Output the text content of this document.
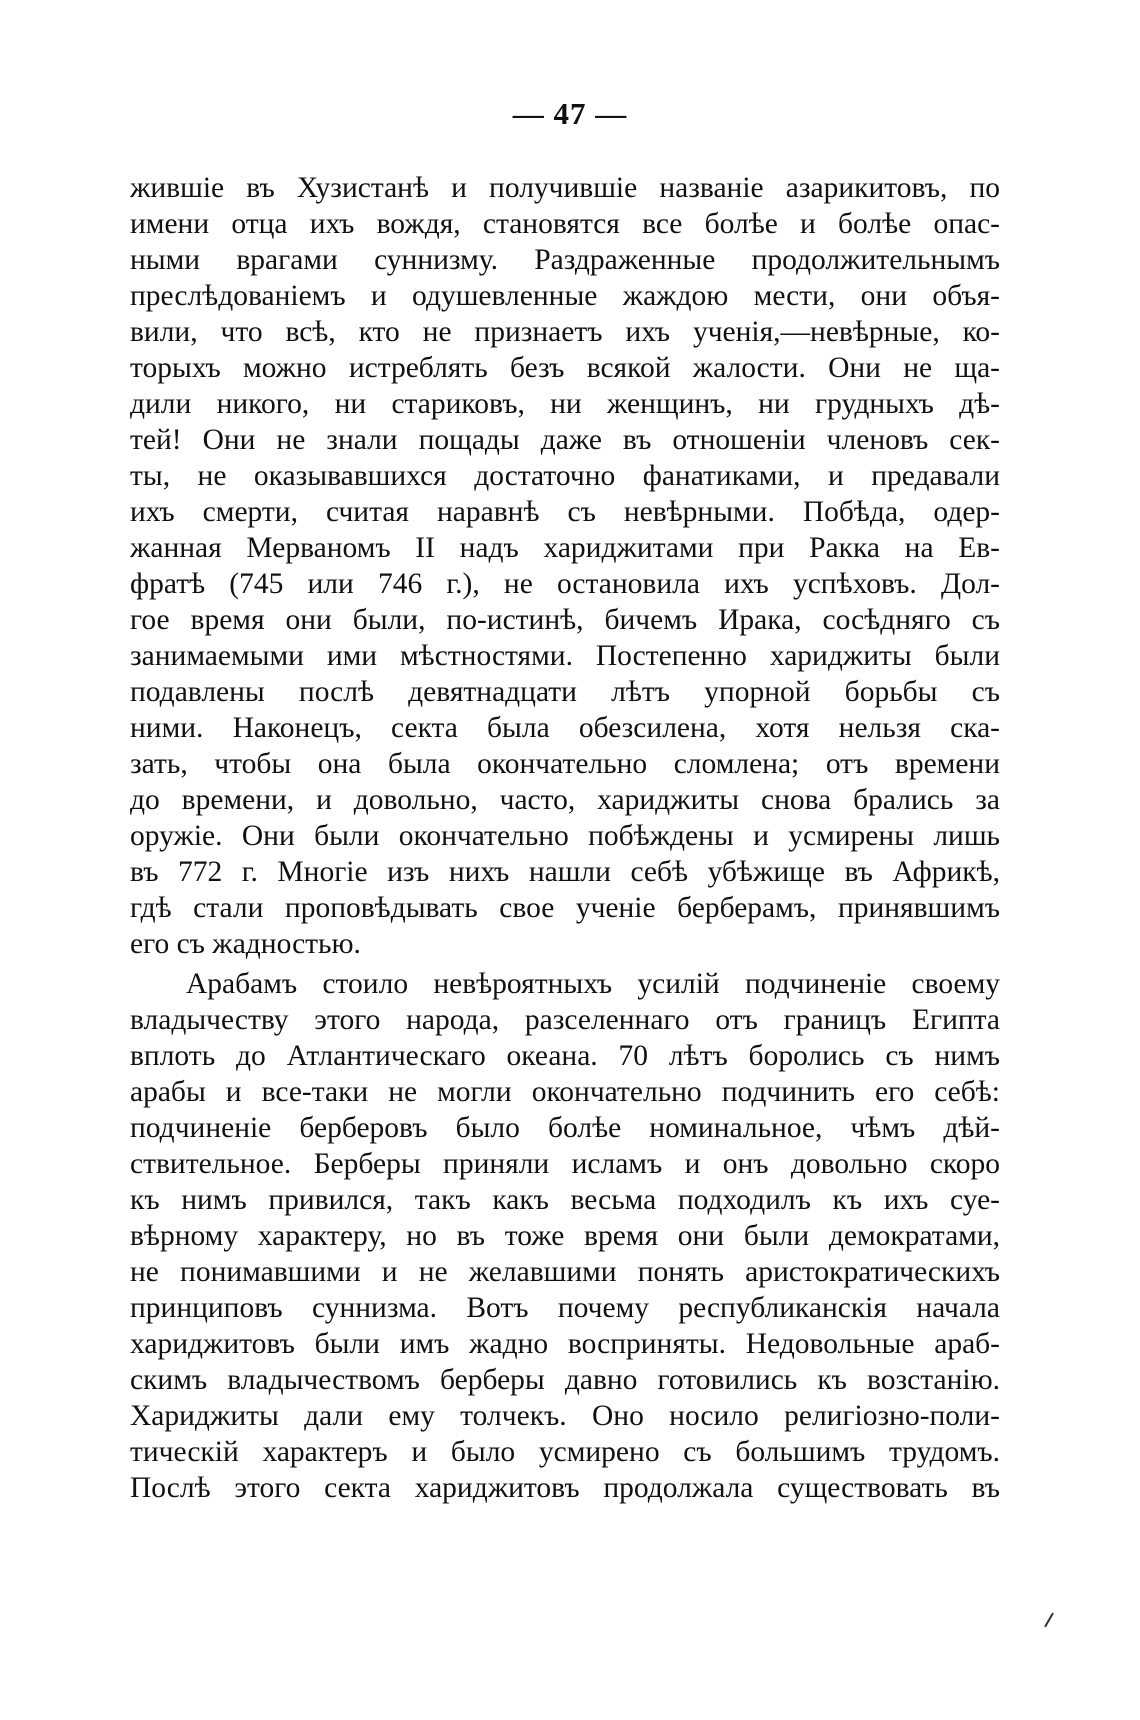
— 47 —
жившіе въ Хузистанѣ и получившіе названіе азарикитовъ, по
имени отца ихъ вождя, становятся все болѣе и болѣе опас-
ными врагами суннизму. Раздраженные продолжительнымъ
преслѣдованіемъ и одушевленные жаждою мести, они объя-
вили, что всѣ, кто не признаетъ ихъ ученія,—невѣрные, ко-
торыхъ можно истреблять безъ всякой жалости. Они не ща-
дили никого, ни стариковъ, ни женщинъ, ни грудныхъ дѣ-
тей! Они не знали пощады даже въ отношеніи членовъ сек-
ты, не оказывавшихся достаточно фанатиками, и предавали
ихъ смерти, считая наравнѣ съ невѣрными. Побѣда, одер-
жанная Мерваномъ II надъ хариджитами при Ракка на Ев-
фратѣ (745 или 746 г.), не остановила ихъ успѣховъ. Дол-
гое время они были, по-истинѣ, бичемъ Ирака, сосѣдняго съ
занимаемыми ими мѣстностями. Постепенно хариджиты были
подавлены послѣ девятнадцати лѣтъ упорной борьбы съ
ними. Наконецъ, секта была обезсилена, хотя нельзя ска-
зать, чтобы она была окончательно сломлена; отъ времени
до времени, и довольно, часто, хариджиты снова брались за
оружіе. Они были окончательно побѣждены и усмирены лишь
въ 772 г. Многіе изъ нихъ нашли себѣ убѣжище въ Африкѣ,
гдѣ стали проповѣдывать свое ученіе берберамъ, принявшимъ
его съ жадностью.
Арабамъ стоило невѣроятныхъ усилій подчиненіе своему
владычеству этого народа, разселеннаго отъ границъ Египта
вплоть до Атлантическаго океана. 70 лѣтъ боролись съ нимъ
арабы и все-таки не могли окончательно подчинить его себѣ:
подчиненіе берберовъ было болѣе номинальное, чѣмъ дѣй-
ствительное. Берберы приняли исламъ и онъ довольно скоро
къ нимъ привился, такъ какъ весьма подходилъ къ ихъ суе-
вѣрному характеру, но въ тоже время они были демократами,
не понимавшими и не желавшими понять аристократическихъ
принциповъ суннизма. Вотъ почему республиканскія начала
хариджитовъ были имъ жадно восприняты. Недовольные араб-
скимъ владычествомъ берберы давно готовились къ возстанію.
Хариджиты дали ему толчекъ. Оно носило религіозно-поли-
тическій характеръ и было усмирено съ большимъ трудомъ.
Послѣ этого секта хариджитовъ продолжала существовать въ
